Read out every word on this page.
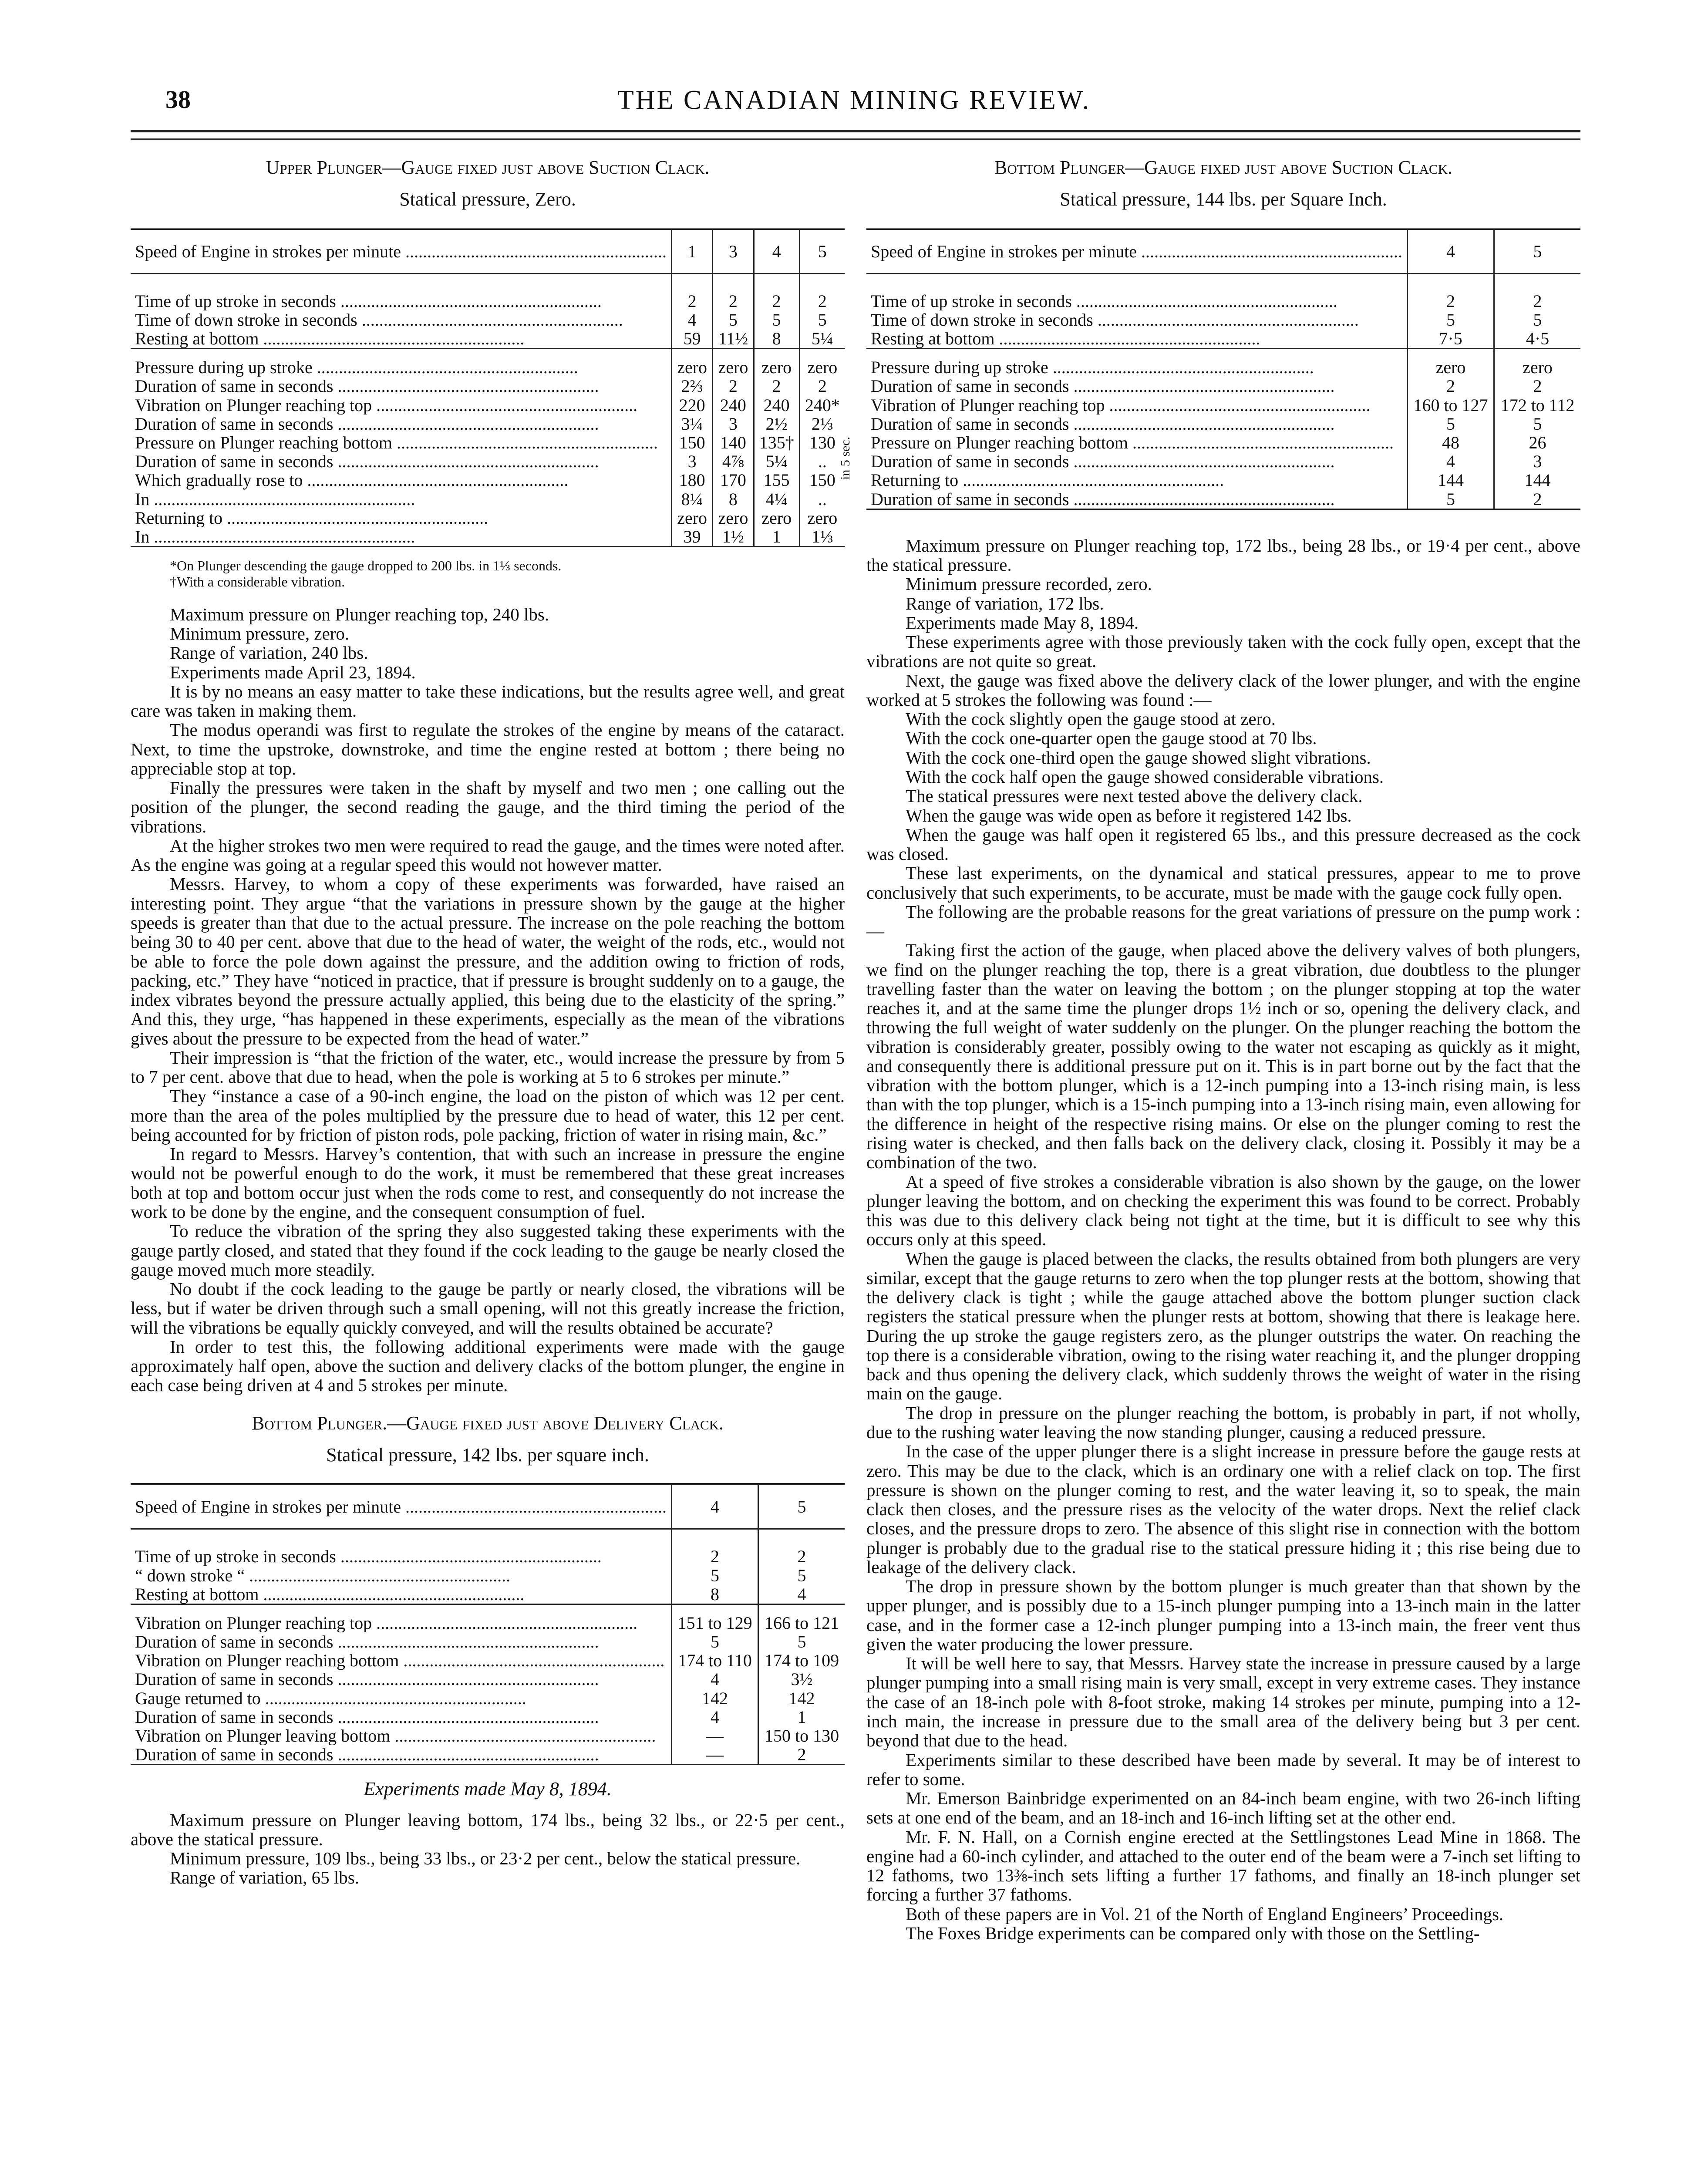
38	THE CANADIAN MINING REVIEW.
Upper Plunger—Gauge fixed just above Suction Clack.
Statical pressure, Zero.
Speed of Engine in strokes per minute ............................................................	1	3	4	5

Time of up stroke in seconds ............................................................	2	2	2	2
Time of down stroke in seconds ............................................................	4	5	5	5
Resting at bottom ............................................................	59	11½	8	5¼

Pressure during up stroke ............................................................	zero	zero	zero	zero
Duration of same in seconds ............................................................	2⅔	2	2	2
Vibration on Plunger reaching top ............................................................	220	240	240	240*
Duration of same in seconds ............................................................	3¼	3	2½	2⅓
in 5 sec.

Pressure on Plunger reaching bottom ............................................................	150	140	135†	130
Duration of same in seconds ............................................................	3	4⅞	5¼	..
Which gradually rose to ............................................................	180	170	155	150
In ............................................................	8¼	8	4¼	..
Returning to ............................................................	zero	zero	zero	zero
In ............................................................	39	1½	1	1⅓
*On Plunger descending the gauge dropped to 200 lbs. in 1⅓ seconds.
†With a considerable vibration.

Maximum pressure on Plunger reaching top, 240 lbs.

Minimum pressure, zero.

Range of variation, 240 lbs.

Experiments made April 23, 1894.

It is by no means an easy matter to take these indications, but the results agree well, and great care was taken in making them.

The modus operandi was first to regulate the strokes of the engine by means of the cataract. Next, to time the upstroke, downstroke, and time the engine rested at bottom ; there being no appreciable stop at top.

Finally the pressures were taken in the shaft by myself and two men ; one calling out the position of the plunger, the second reading the gauge, and the third timing the period of the vibrations.

At the higher strokes two men were required to read the gauge, and the times were noted after. As the engine was going at a regular speed this would not however matter.

Messrs. Harvey, to whom a copy of these experiments was forwarded, have raised an interesting point. They argue “that the variations in pressure shown by the gauge at the higher speeds is greater than that due to the actual pressure. The increase on the pole reaching the bottom being 30 to 40 per cent. above that due to the head of water, the weight of the rods, etc., would not be able to force the pole down against the pressure, and the addition owing to friction of rods, packing, etc.” They have “noticed in practice, that if pressure is brought suddenly on to a gauge, the index vibrates beyond the pressure actually applied, this being due to the elasticity of the spring.” And this, they urge, “has happened in these experiments, especially as the mean of the vibrations gives about the pressure to be expected from the head of water.”

Their impression is “that the friction of the water, etc., would increase the pressure by from 5 to 7 per cent. above that due to head, when the pole is working at 5 to 6 strokes per minute.”

They “instance a case of a 90-inch engine, the load on the piston of which was 12 per cent. more than the area of the poles multiplied by the pressure due to head of water, this 12 per cent. being accounted for by friction of piston rods, pole packing, friction of water in rising main, &c.”

In regard to Messrs. Harvey’s contention, that with such an increase in pressure the engine would not be powerful enough to do the work, it must be remembered that these great increases both at top and bottom occur just when the rods come to rest, and consequently do not increase the work to be done by the engine, and the consequent consumption of fuel.

To reduce the vibration of the spring they also suggested taking these experiments with the gauge partly closed, and stated that they found if the cock leading to the gauge be nearly closed the gauge moved much more steadily.

No doubt if the cock leading to the gauge be partly or nearly closed, the vibrations will be less, but if water be driven through such a small opening, will not this greatly increase the friction, will the vibrations be equally quickly conveyed, and will the results obtained be accurate?

In order to test this, the following additional experiments were made with the gauge approximately half open, above the suction and delivery clacks of the bottom plunger, the engine in each case being driven at 4 and 5 strokes per minute.

Bottom Plunger.—Gauge fixed just above Delivery Clack.
Statical pressure, 142 lbs. per square inch.
Speed of Engine in strokes per minute ............................................................	4	5

Time of up stroke in seconds ............................................................	2	2
“ down stroke “ ............................................................	5	5
Resting at bottom ............................................................	8	4

Vibration on Plunger reaching top ............................................................	151 to 129	166 to 121
Duration of same in seconds ............................................................	5	5
Vibration on Plunger reaching bottom ............................................................	174 to 110	174 to 109
Duration of same in seconds ............................................................	4	3½
Gauge returned to ............................................................	142	142
Duration of same in seconds ............................................................	4	1
Vibration on Plunger leaving bottom ............................................................	—	150 to 130
Duration of same in seconds ............................................................	—	2
Experiments made May 8, 1894.

Maximum pressure on Plunger leaving bottom, 174 lbs., being 32 lbs., or 22·5 per cent., above the statical pressure.

Minimum pressure, 109 lbs., being 33 lbs., or 23·2 per cent., below the statical pressure.

Range of variation, 65 lbs.

Bottom Plunger—Gauge fixed just above Suction Clack.
Statical pressure, 144 lbs. per Square Inch.
Speed of Engine in strokes per minute ............................................................	4	5

Time of up stroke in seconds ............................................................	2	2
Time of down stroke in seconds ............................................................	5	5
Resting at bottom ............................................................	7·5	4·5

Pressure during up stroke ............................................................	zero	zero
Duration of same in seconds ............................................................	2	2
Vibration of Plunger reaching top ............................................................	160 to 127	172 to 112
Duration of same in seconds ............................................................	5	5
Pressure on Plunger reaching bottom ............................................................	48	26
Duration of same in seconds ............................................................	4	3
Returning to ............................................................	144	144
Duration of same in seconds ............................................................	5	2

Maximum pressure on Plunger reaching top, 172 lbs., being 28 lbs., or 19·4 per cent., above the statical pressure.

Minimum pressure recorded, zero.

Range of variation, 172 lbs.

Experiments made May 8, 1894.

These experiments agree with those previously taken with the cock fully open, except that the vibrations are not quite so great.

Next, the gauge was fixed above the delivery clack of the lower plunger, and with the engine worked at 5 strokes the following was found :—

With the cock slightly open the gauge stood at zero.

With the cock one-quarter open the gauge stood at 70 lbs.

With the cock one-third open the gauge showed slight vibrations.

With the cock half open the gauge showed considerable vibrations.

The statical pressures were next tested above the delivery clack.

When the gauge was wide open as before it registered 142 lbs.

When the gauge was half open it registered 65 lbs., and this pressure decreased as the cock was closed.

These last experiments, on the dynamical and statical pressures, appear to me to prove conclusively that such experiments, to be accurate, must be made with the gauge cock fully open.

The following are the probable reasons for the great variations of pressure on the pump work :—

Taking first the action of the gauge, when placed above the delivery valves of both plungers, we find on the plunger reaching the top, there is a great vibration, due doubtless to the plunger travelling faster than the water on leaving the bottom ; on the plunger stopping at top the water reaches it, and at the same time the plunger drops 1½ inch or so, opening the delivery clack, and throwing the full weight of water suddenly on the plunger. On the plunger reaching the bottom the vibration is considerably greater, possibly owing to the water not escaping as quickly as it might, and consequently there is additional pressure put on it. This is in part borne out by the fact that the vibration with the bottom plunger, which is a 12-inch pumping into a 13-inch rising main, is less than with the top plunger, which is a 15-inch pumping into a 13-inch rising main, even allowing for the difference in height of the respective rising mains. Or else on the plunger coming to rest the rising water is checked, and then falls back on the delivery clack, closing it. Possibly it may be a combination of the two.

At a speed of five strokes a considerable vibration is also shown by the gauge, on the lower plunger leaving the bottom, and on checking the experiment this was found to be correct. Probably this was due to this delivery clack being not tight at the time, but it is difficult to see why this occurs only at this speed.

When the gauge is placed between the clacks, the results obtained from both plungers are very similar, except that the gauge returns to zero when the top plunger rests at the bottom, showing that the delivery clack is tight ; while the gauge attached above the bottom plunger suction clack registers the statical pressure when the plunger rests at bottom, showing that there is leakage here. During the up stroke the gauge registers zero, as the plunger outstrips the water. On reaching the top there is a considerable vibration, owing to the rising water reaching it, and the plunger dropping back and thus opening the delivery clack, which suddenly throws the weight of water in the rising main on the gauge.

The drop in pressure on the plunger reaching the bottom, is probably in part, if not wholly, due to the rushing water leaving the now standing plunger, causing a reduced pressure.

In the case of the upper plunger there is a slight increase in pressure before the gauge rests at zero. This may be due to the clack, which is an ordinary one with a relief clack on top. The first pressure is shown on the plunger coming to rest, and the water leaving it, so to speak, the main clack then closes, and the pressure rises as the velocity of the water drops. Next the relief clack closes, and the pressure drops to zero. The absence of this slight rise in connection with the bottom plunger is probably due to the gradual rise to the statical pressure hiding it ; this rise being due to leakage of the delivery clack.

The drop in pressure shown by the bottom plunger is much greater than that shown by the upper plunger, and is possibly due to a 15-inch plunger pumping into a 13-inch main in the latter case, and in the former case a 12-inch plunger pumping into a 13-inch main, the freer vent thus given the water producing the lower pressure.

It will be well here to say, that Messrs. Harvey state the increase in pressure caused by a large plunger pumping into a small rising main is very small, except in very extreme cases. They instance the case of an 18-inch pole with 8-foot stroke, making 14 strokes per minute, pumping into a 12-inch main, the increase in pressure due to the small area of the delivery being but 3 per cent. beyond that due to the head.

Experiments similar to these described have been made by several. It may be of interest to refer to some.

Mr. Emerson Bainbridge experimented on an 84-inch beam engine, with two 26-inch lifting sets at one end of the beam, and an 18-inch and 16-inch lifting set at the other end.

Mr. F. N. Hall, on a Cornish engine erected at the Settlingstones Lead Mine in 1868. The engine had a 60-inch cylinder, and attached to the outer end of the beam were a 7-inch set lifting to 12 fathoms, two 13⅜-inch sets lifting a further 17 fathoms, and finally an 18-inch plunger set forcing a further 37 fathoms.

Both of these papers are in Vol. 21 of the North of England Engineers’ Proceedings.

The Foxes Bridge experiments can be compared only with those on the Settling-
